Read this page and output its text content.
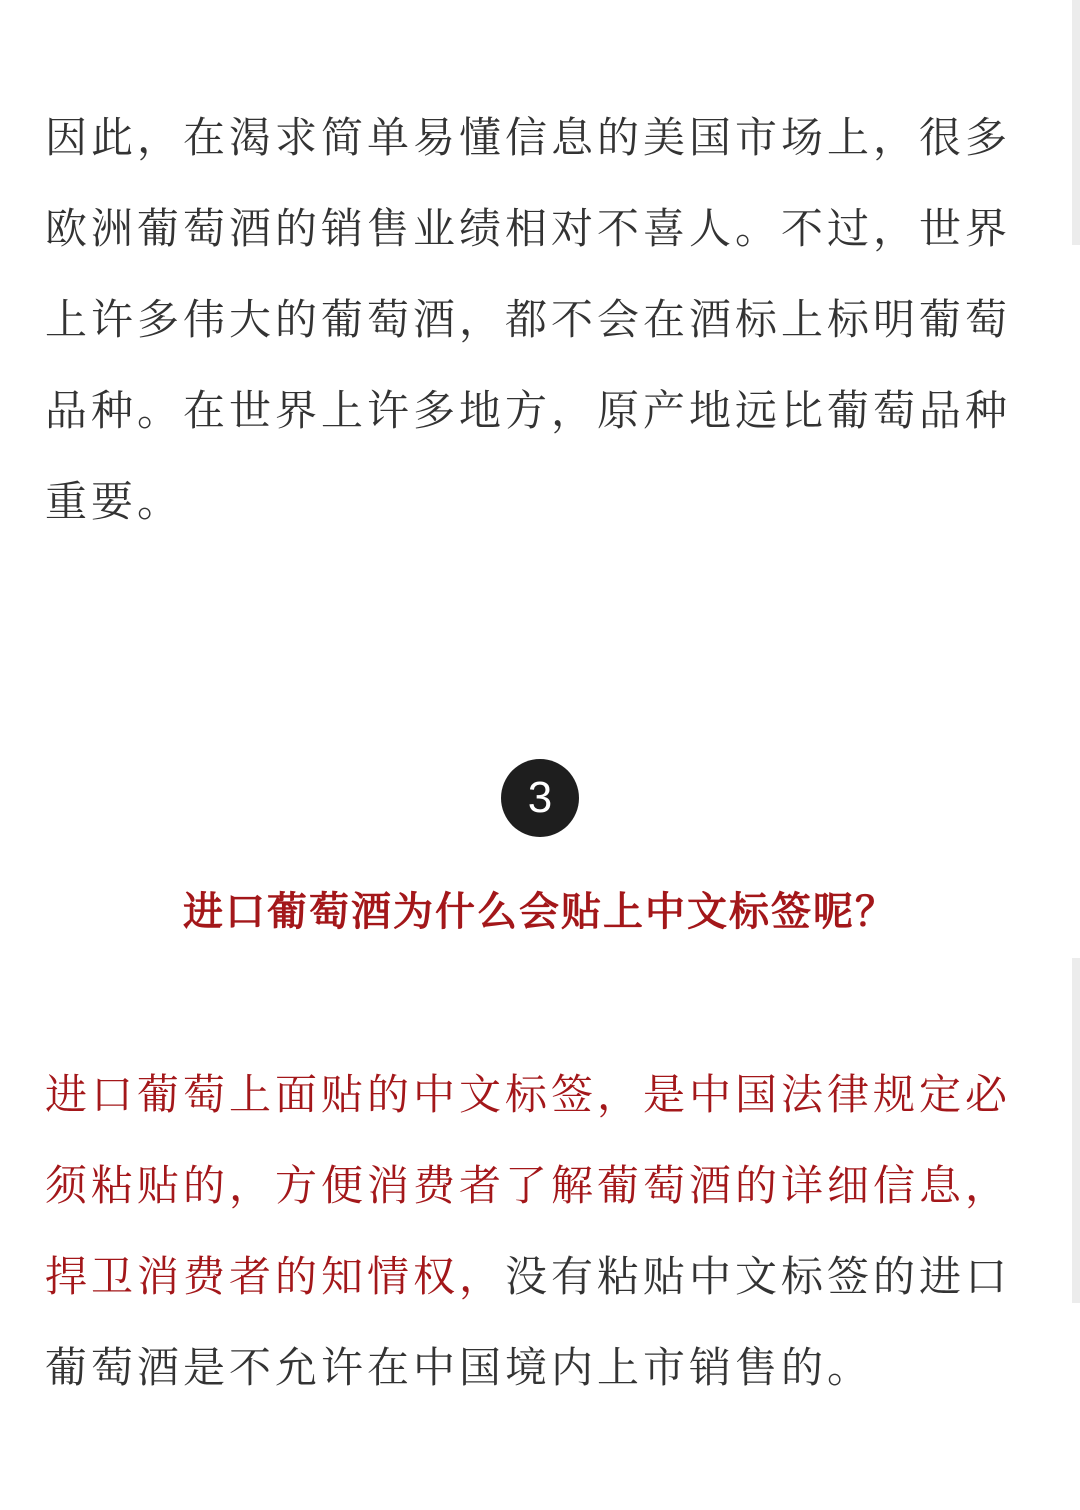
因此，在渴求简单易懂信息的美国市场上，很多欧洲葡萄酒的销售业绩相对不喜人。不过，世界上许多伟大的葡萄酒，都不会在酒标上标明葡萄品种。在世界上许多地方，原产地远比葡萄品种重要。

3
进口葡萄酒为什么会贴上中文标签呢？

进口葡萄上面贴的中文标签，是中国法律规定必须粘贴的，方便消费者了解葡萄酒的详细信息，捍卫消费者的知情权，没有粘贴中文标签的进口葡萄酒是不允许在中国境内上市销售的。
